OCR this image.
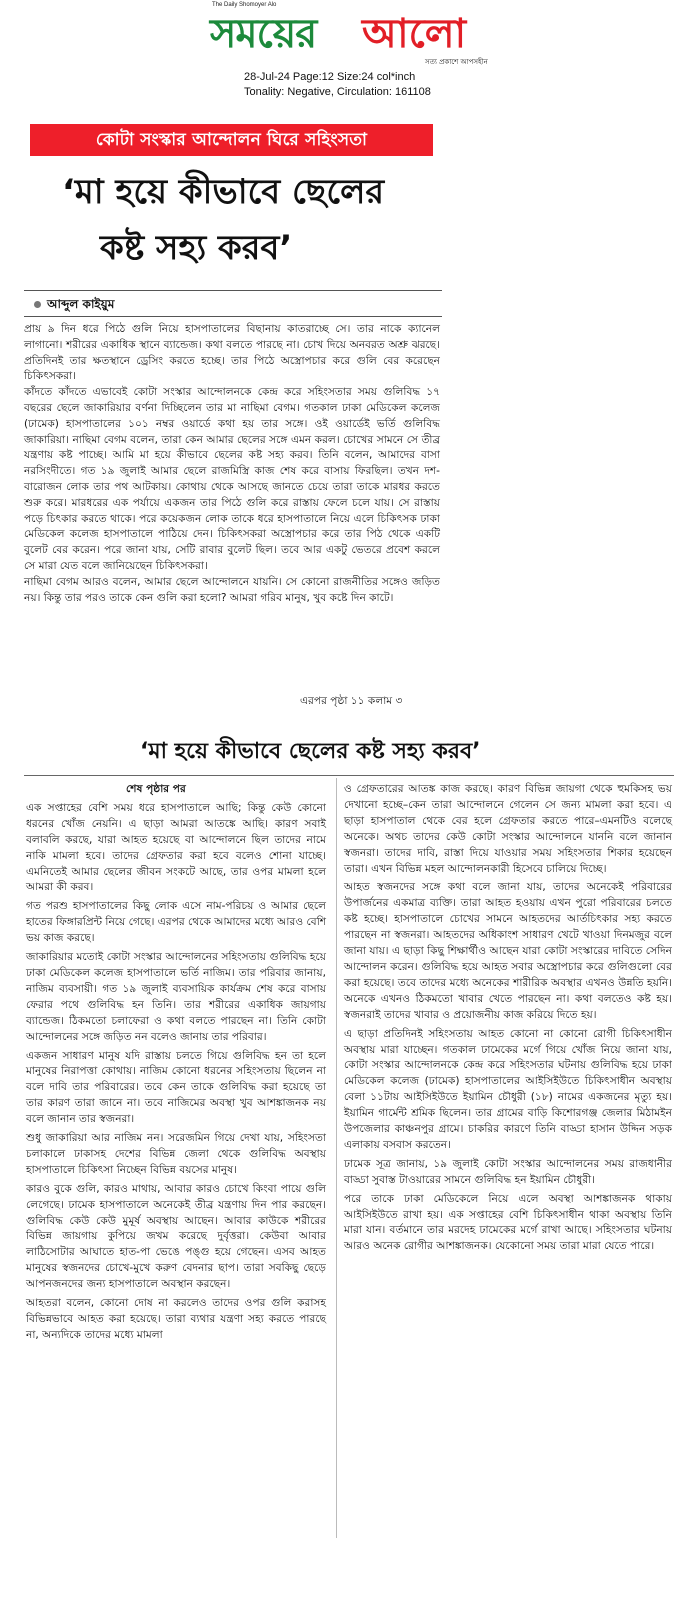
The Daily Shomoyer Alo
সময়ের আলো
সত্য প্রকাশে আপসহীন
28-Jul-24 Page:12 Size:24 col*inch
Tonality: Negative, Circulation: 161108
কোটা সংস্কার আন্দোলন ঘিরে সহিংসতা
‘মা হয়ে কীভাবে ছেলের
কষ্ট সহ্য করব’
আব্দুল কাইয়ুম

প্রায় ৯ দিন ধরে পিঠে গুলি নিয়ে হাসপাতালের বিছানায় কাতরাচ্ছে সে। তার নাকে ক্যানেল লাগানো। শরীরের একাধিক স্থানে ব্যান্ডেজ। কথা বলতে পারছে না। চোখ দিয়ে অনবরত অশ্রু ঝরছে। প্রতিদিনই তার ক্ষতস্থানে ড্রেসিং করতে হচ্ছে। তার পিঠে অস্ত্রোপচার করে গুলি বের করেছেন চিকিৎসকরা।

কাঁদতে কাঁদতে এভাবেই কোটা সংস্কার আন্দোলনকে কেন্দ্র করে সহিংসতার সময় গুলিবিদ্ধ ১৭ বছরের ছেলে জাকারিয়ার বর্ণনা দিচ্ছিলেন তার মা নাছিমা বেগম। গতকাল ঢাকা মেডিকেল কলেজ (ঢামেক) হাসপাতালের ১০১ নম্বর ওয়ার্ডে কথা হয় তার সঙ্গে। ওই ওয়ার্ডেই ভর্তি গুলিবিদ্ধ জাকারিয়া। নাছিমা বেগম বলেন, তারা কেন আমার ছেলের সঙ্গে এমন করল। চোখের সামনে সে তীব্র যন্ত্রণায় কষ্ট পাচ্ছে। আমি মা হয়ে কীভাবে ছেলের কষ্ট সহ্য করব। তিনি বলেন, আমাদের বাসা নরসিংদীতে। গত ১৯ জুলাই আমার ছেলে রাজমিস্ত্রি কাজ শেষ করে বাসায় ফিরছিল। তখন দশ-বারোজন লোক তার পথ আটকায়। কোথায় থেকে আসছে জানতে চেয়ে তারা তাকে মারধর করতে শুরু করে। মারধরের এক পর্যায়ে একজন তার পিঠে গুলি করে রাস্তায় ফেলে চলে যায়। সে রাস্তায় পড়ে চিৎকার করতে থাকে। পরে কয়েকজন লোক তাকে ধরে হাসপাতালে নিয়ে এলে চিকিৎসক ঢাকা মেডিকেল কলেজ হাসপাতালে পাঠিয়ে দেন। চিকিৎসকরা অস্ত্রোপচার করে তার পিঠ থেকে একটি বুলেট বের করেন। পরে জানা যায়, সেটি রাবার বুলেট ছিল। তবে আর একটু ভেতরে প্রবেশ করলে সে মারা যেত বলে জানিয়েছেন চিকিৎসকরা।

নাছিমা বেগম আরও বলেন, আমার ছেলে আন্দোলনে যায়নি। সে কোনো রাজনীতির সঙ্গেও জড়িত নয়। কিন্তু তার পরও তাকে কেন গুলি করা হলো? আমরা গরিব মানুষ, খুব কষ্টে দিন কাটে।

এরপর পৃষ্ঠা ১১ কলাম ৩
‘মা হয়ে কীভাবে ছেলের কষ্ট সহ্য করব’

শেষ পৃষ্ঠার পর

এক সপ্তাহের বেশি সময় ধরে হাসপাতালে আছি; কিন্তু কেউ কোনো ধরনের খোঁজ নেয়নি। এ ছাড়া আমরা আতঙ্কে আছি। কারণ সবাই বলাবলি করছে, যারা আহত হয়েছে বা আন্দোলনে ছিল তাদের নামে নাকি মামলা হবে। তাদের গ্রেফতার করা হবে বলেও শোনা যাচ্ছে। এমনিতেই আমার ছেলের জীবন সংকটে আছে, তার ওপর মামলা হলে আমরা কী করব।

গত পরশু হাসপাতালের কিছু লোক এসে নাম-পরিচয় ও আমার ছেলে হাতের ফিঙ্গারপ্রিন্ট নিয়ে গেছে। এরপর থেকে আমাদের মধ্যে আরও বেশি ভয় কাজ করছে।

জাকারিয়ার মতোই কোটা সংস্কার আন্দোলনের সহিংসতায় গুলিবিদ্ধ হয়ে ঢাকা মেডিকেল কলেজ হাসপাতালে ভর্তি নাজিম। তার পরিবার জানায়, নাজিম ব্যবসায়ী। গত ১৯ জুলাই ব্যবসায়িক কার্যক্রম শেষ করে বাসায় ফেরার পথে গুলিবিদ্ধ হন তিনি। তার শরীরের একাধিক জায়গায় ব্যান্ডেজ। ঠিকমতো চলাফেরা ও কথা বলতে পারছেন না। তিনি কোটা আন্দোলনের সঙ্গে জড়িত নন বলেও জানায় তার পরিবার।

একজন সাধারণ মানুষ যদি রাস্তায় চলতে গিয়ে গুলিবিদ্ধ হন তা হলে মানুষের নিরাপত্তা কোথায়। নাজিম কোনো ধরনের সহিংসতায় ছিলেন না বলে দাবি তার পরিবারের। তবে কেন তাকে গুলিবিদ্ধ করা হয়েছে তা তার কারণ তারা জানে না। তবে নাজিমের অবস্থা খুব আশঙ্কাজনক নয় বলে জানান তার স্বজনরা।

শুধু জাকারিয়া আর নাজিম নন। সরেজমিন গিয়ে দেখা যায়, সহিংসতা চলাকালে ঢাকাসহ দেশের বিভিন্ন জেলা থেকে গুলিবিদ্ধ অবস্থায় হাসপাতালে চিকিৎসা নিচ্ছেন বিভিন্ন বয়সের মানুষ।

কারও বুকে গুলি, কারও মাথায়, আবার কারও চোখে কিংবা পায়ে গুলি লেগেছে। ঢামেক হাসপাতালে অনেকেই তীব্র যন্ত্রণায় দিন পার করছেন। গুলিবিদ্ধ কেউ কেউ মুমূর্ষ অবস্থায় আছেন। আবার কাউকে শরীরের বিভিন্ন জায়গায় কুপিয়ে জখম করেছে দুর্বৃত্তরা। কেউবা আবার লাঠিসোটার আঘাতে হাত-পা ভেঙে পঙ্গু হয়ে গেছেন। এসব আহত মানুষের স্বজনদের চোখে-মুখে করুণ বেদনার ছাপ। তারা সবকিছু ছেড়ে আপনজনদের জন্য হাসপাতালে অবস্থান করছেন।

আহতরা বলেন, কোনো দোষ না করলেও তাদের ওপর গুলি করাসহ বিভিন্নভাবে আহত করা হয়েছে। তারা ব্যথার যন্ত্রণা সহ্য করতে পারছে না, অন্যদিকে তাদের মধ্যে মামলা

ও গ্রেফতারের আতঙ্ক কাজ করছে। কারণ বিভিন্ন জায়গা থেকে হুমকিসহ ভয় দেখানো হচ্ছে–কেন তারা আন্দোলনে গেলেন সে জন্য মামলা করা হবে। এ ছাড়া হাসপাতাল থেকে বের হলে গ্রেফতার করতে পারে–এমনটিও বলেছে অনেকে। অথচ তাদের কেউ কোটা সংস্কার আন্দোলনে যাননি বলে জানান স্বজনরা। তাদের দাবি, রাস্তা দিয়ে যাওয়ার সময় সহিংসতার শিকার হয়েছেন তারা। এখন বিভিন্ন মহল আন্দোলনকারী হিসেবে চালিয়ে দিচ্ছে।

আহত স্বজনদের সঙ্গে কথা বলে জানা যায়, তাদের অনেকেই পরিবারের উপার্জনের একমাত্র ব্যক্তি। তারা আহত হওয়ায় এখন পুরো পরিবারের চলতে কষ্ট হচ্ছে। হাসপাতালে চোখের সামনে আহতদের আর্তচিৎকার সহ্য করতে পারছেন না স্বজনরা। আহতদের অধিকাংশ সাধারণ খেটে খাওয়া দিনমজুর বলে জানা যায়। এ ছাড়া কিছু শিক্ষার্থীও আছেন যারা কোটা সংস্কারের দাবিতে সেদিন আন্দোলন করেন। গুলিবিদ্ধ হয়ে আহত সবার অস্ত্রোপচার করে গুলিগুলো বের করা হয়েছে। তবে তাদের মধ্যে অনেকের শারীরিক অবস্থার এখনও উন্নতি হয়নি। অনেকে এখনও ঠিকমতো খাবার খেতে পারছেন না। কথা বলতেও কষ্ট হয়। স্বজনরাই তাদের খাবার ও প্রয়োজনীয় কাজ করিয়ে দিতে হয়।

এ ছাড়া প্রতিদিনই সহিংসতায় আহত কোনো না কোনো রোগী চিকিৎসাধীন অবস্থায় মারা যাচ্ছেন। গতকাল ঢামেকের মর্গে গিয়ে খোঁজ নিয়ে জানা যায়, কোটা সংস্কার আন্দোলনকে কেন্দ্র করে সহিংসতার ঘটনায় গুলিবিদ্ধ হয়ে ঢাকা মেডিকেল কলেজ (ঢামেক) হাসপাতালের আইসিইউতে চিকিৎসাধীন অবস্থায় বেলা ১১টায় আইসিইউতে ইয়ামিন চৌধুরী (১৮) নামের একজনের মৃত্যু হয়। ইয়ামিন গার্মেন্ট শ্রমিক ছিলেন। তার গ্রামের বাড়ি কিশোরগঞ্জ জেলার মিঠামইন উপজেলার কাঞ্চনপুর গ্রামে। চাকরির কারণে তিনি বাড্ডা হাসান উদ্দিন সড়ক এলাকায় বসবাস করতেন।

ঢামেক সূত্র জানায়, ১৯ জুলাই কোটা সংস্কার আন্দোলনের সময় রাজধানীর বাড্ডা সুবাস্ত টাওয়ারের সামনে গুলিবিদ্ধ হন ইয়ামিন চৌধুরী।

পরে তাকে ঢাকা মেডিকেলে নিয়ে এলে অবস্থা আশঙ্কাজনক থাকায় আইসিইউতে রাখা হয়। এক সপ্তাহের বেশি চিকিৎসাধীন থাকা অবস্থায় তিনি মারা যান। বর্তমানে তার মরদেহ ঢামেকের মর্গে রাখা আছে। সহিংসতার ঘটনায় আরও অনেক রোগীর আশঙ্কাজনক। যেকোনো সময় তারা মারা যেতে পারে।
